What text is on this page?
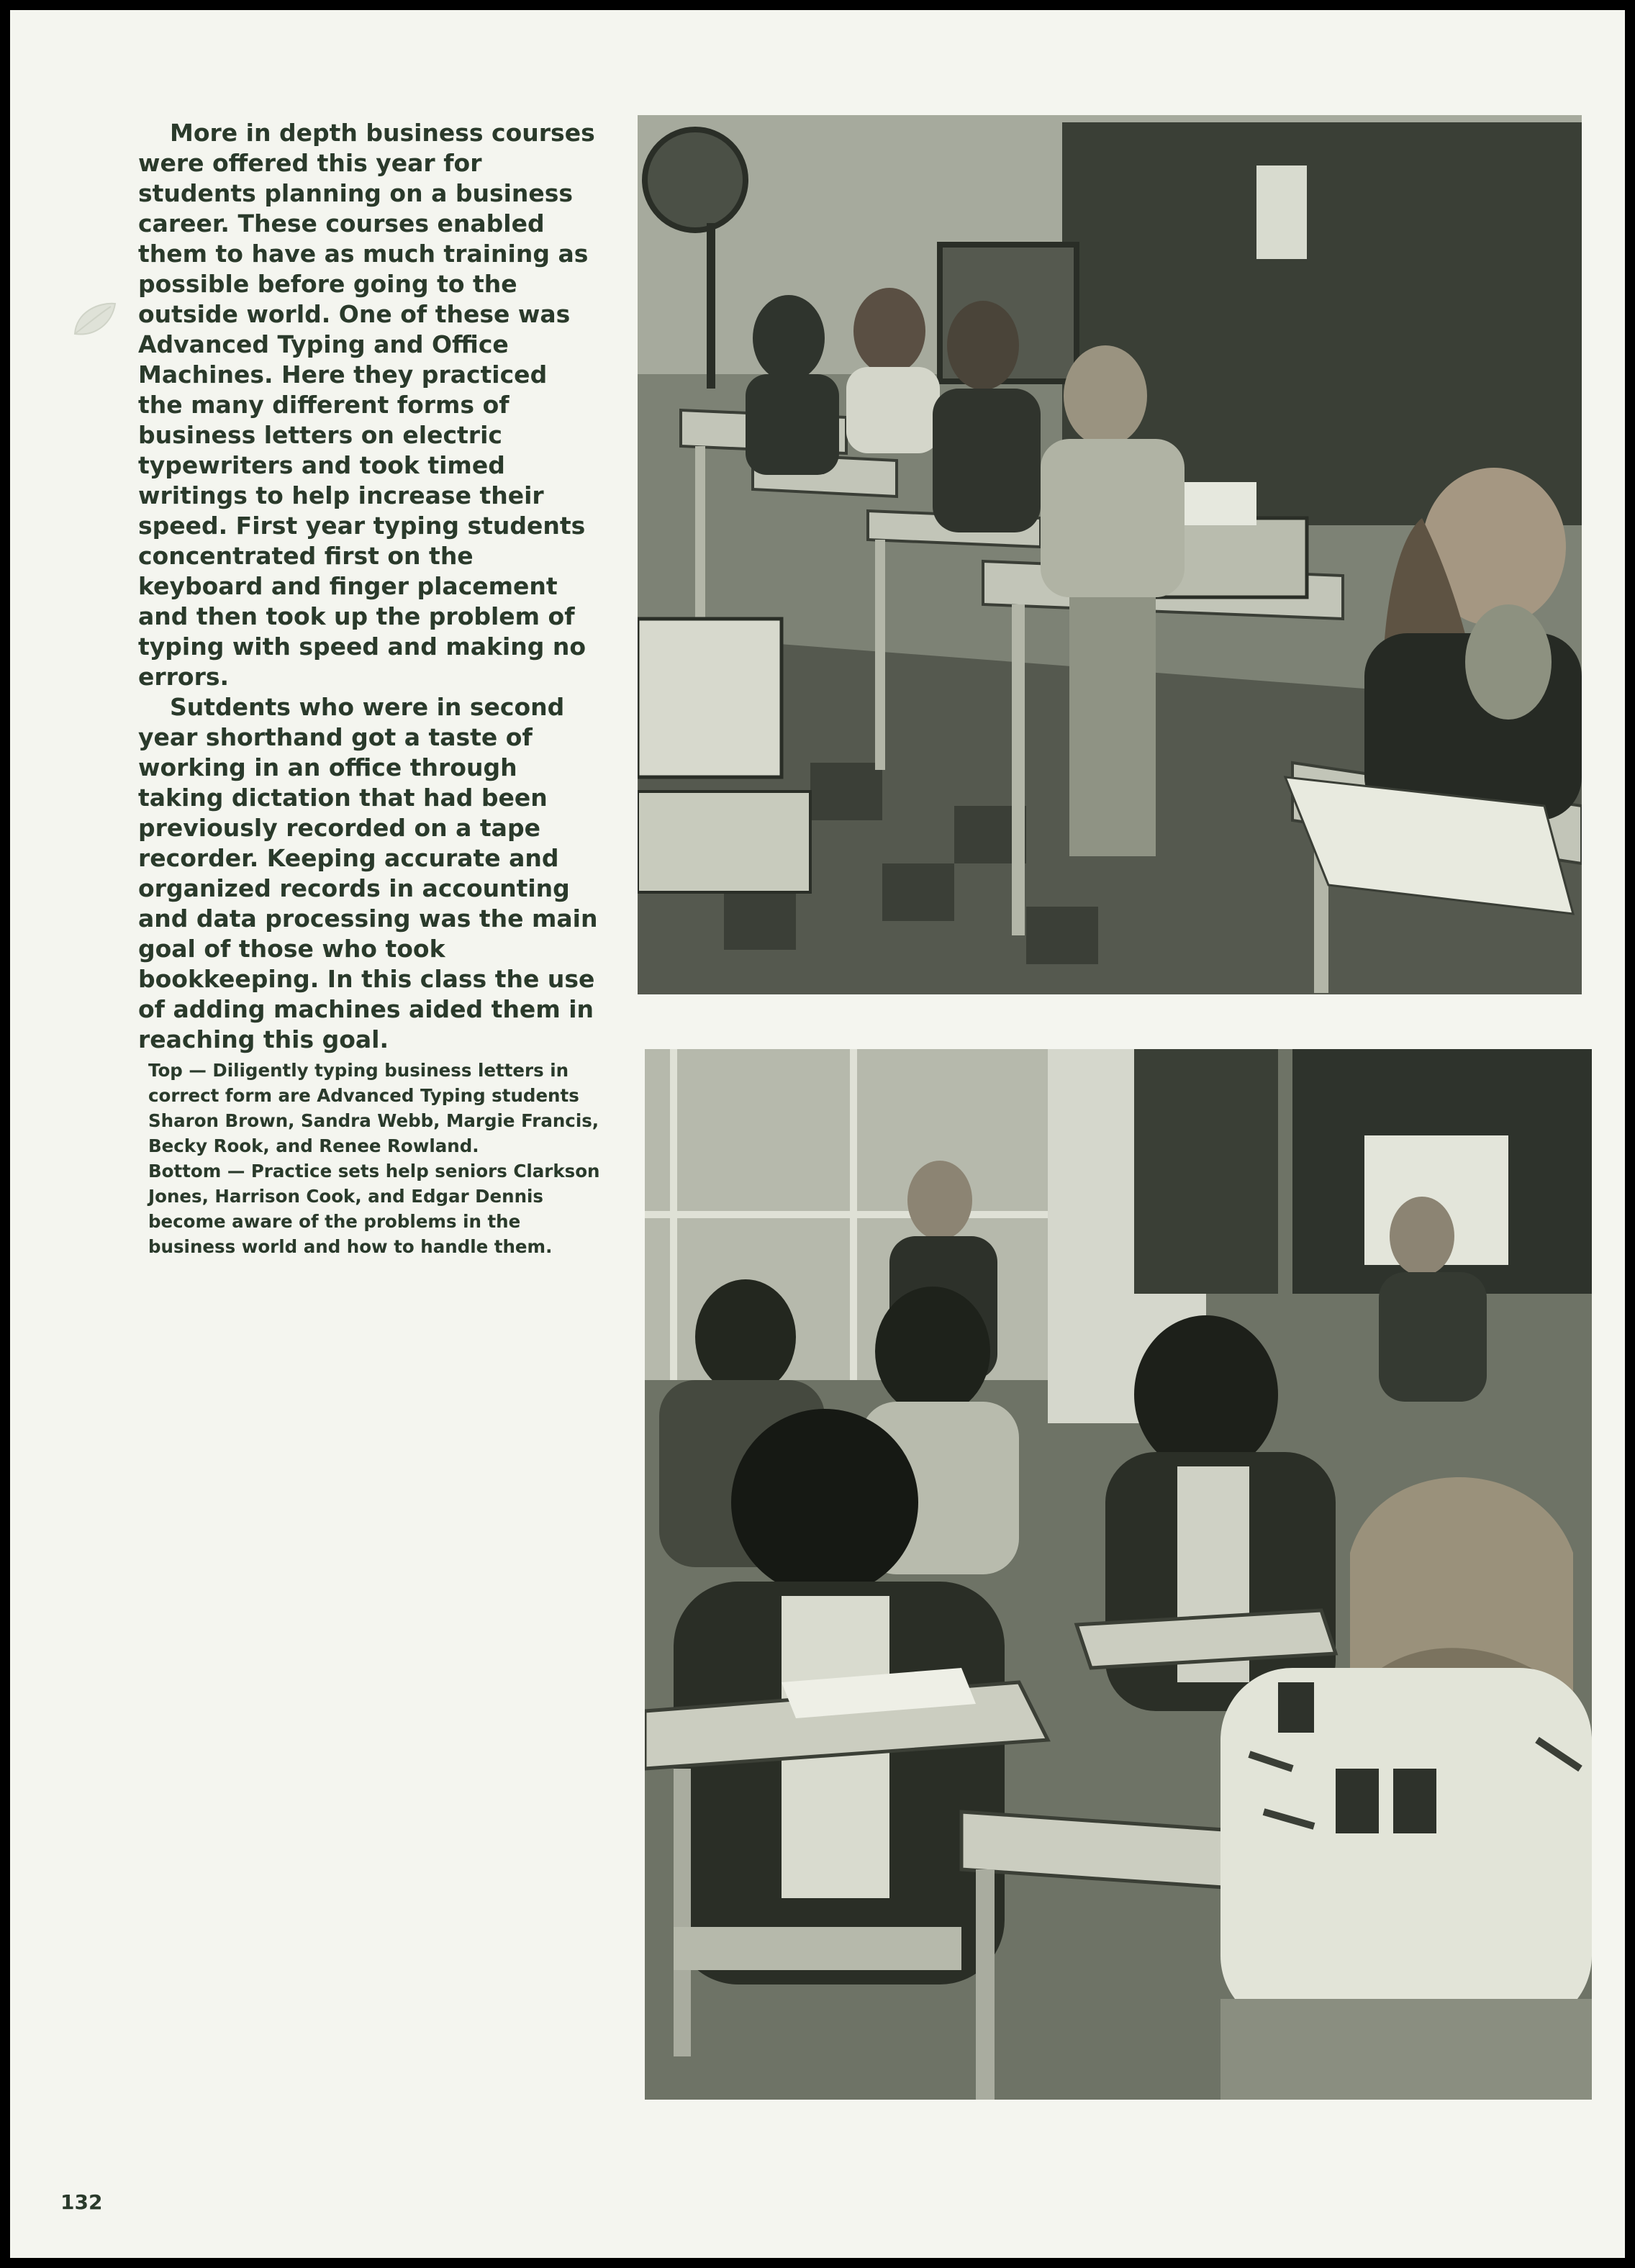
More in depth business courses were offered this year for students planning on a business career. These courses enabled them to have as much training as possible before going to the outside world. One of these was Advanced Typing and Office Machines. Here they practiced the many different forms of business letters on electric typewriters and took timed writings to help increase their speed. First year typing students concentrated first on the keyboard and finger placement and then took up the problem of typing with speed and making no errors.

Sutdents who were in second year shorthand got a taste of working in an office through taking dictation that had been previously recorded on a tape recorder. Keeping accurate and organized records in accounting and data processing was the main goal of those who took bookkeeping. In this class the use of adding machines aided them in reaching this goal.

Top — Diligently typing business letters in correct form are Advanced Typing students Sharon Brown, Sandra Webb, Margie Francis, Becky Rook, and Renee Rowland.

Bottom — Practice sets help seniors Clarkson Jones, Harrison Cook, and Edgar Dennis become aware of the problems in the business world and how to handle them.

132
